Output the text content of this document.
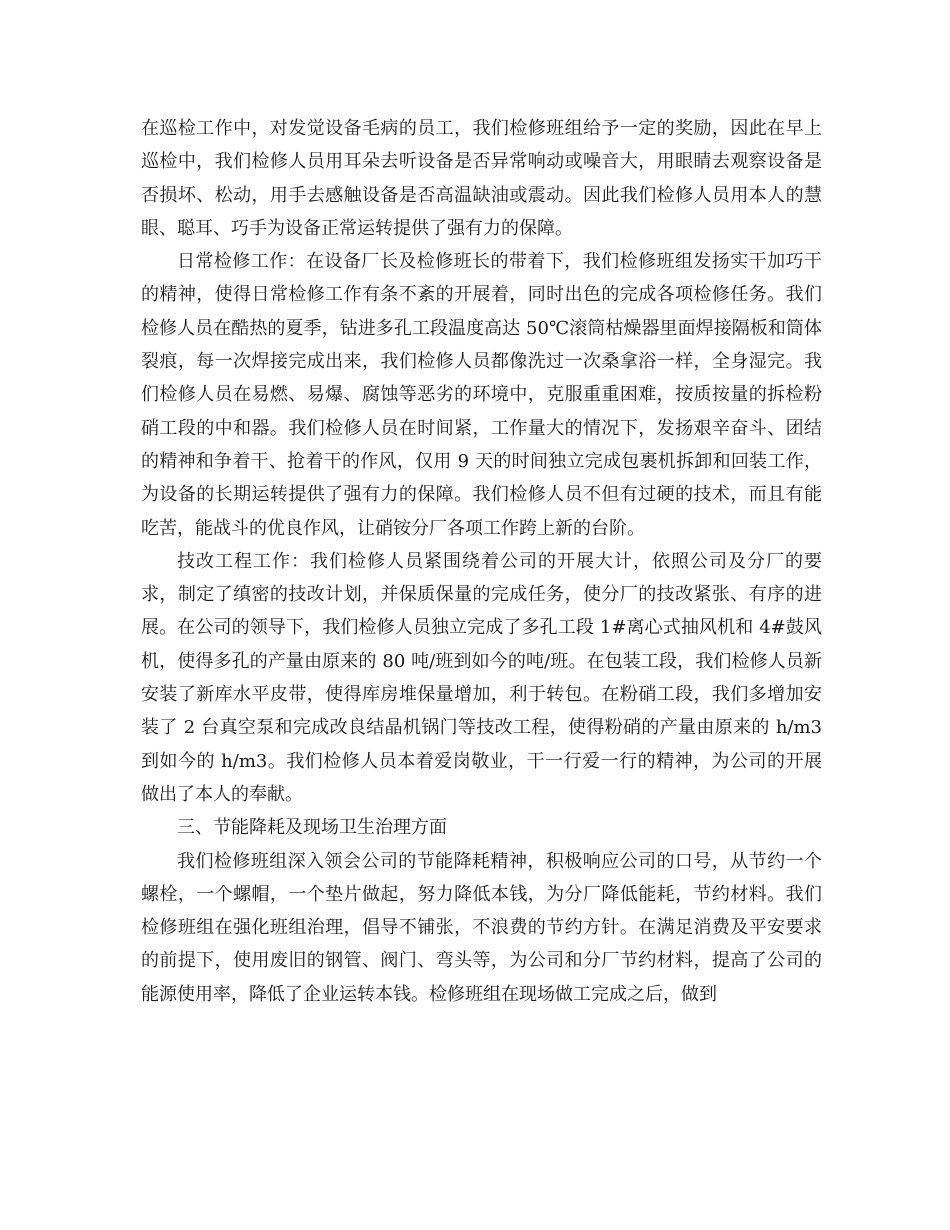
在巡检工作中，对发觉设备毛病的员工，我们检修班组给予一定的奖励，因此在早上巡检中，我们检修人员用耳朵去听设备是否异常响动或噪音大，用眼睛去观察设备是否损坏、松动，用手去感触设备是否高温缺油或震动。因此我们检修人员用本人的慧眼、聪耳、巧手为设备正常运转提供了强有力的保障。

日常检修工作：在设备厂长及检修班长的带着下，我们检修班组发扬实干加巧干的精神，使得日常检修工作有条不紊的开展着，同时出色的完成各项检修任务。我们检修人员在酷热的夏季，钻进多孔工段温度高达 50℃滚筒枯燥器里面焊接隔板和筒体裂痕，每一次焊接完成出来，我们检修人员都像洗过一次桑拿浴一样，全身湿完。我们检修人员在易燃、易爆、腐蚀等恶劣的环境中，克服重重困难，按质按量的拆检粉硝工段的中和器。我们检修人员在时间紧，工作量大的情况下，发扬艰辛奋斗、团结的精神和争着干、抢着干的作风，仅用 9 天的时间独立完成包裹机拆卸和回装工作，为设备的长期运转提供了强有力的保障。我们检修人员不但有过硬的技术，而且有能吃苦，能战斗的优良作风，让硝铵分厂各项工作跨上新的台阶。

技改工程工作：我们检修人员紧围绕着公司的开展大计，依照公司及分厂的要求，制定了缜密的技改计划，并保质保量的完成任务，使分厂的技改紧张、有序的进展。在公司的领导下，我们检修人员独立完成了多孔工段 1#离心式抽风机和 4#鼓风机，使得多孔的产量由原来的 80 吨/班到如今的吨/班。在包装工段，我们检修人员新安装了新库水平皮带，使得库房堆保量增加，利于转包。在粉硝工段，我们多增加安装了 2 台真空泵和完成改良结晶机锅门等技改工程，使得粉硝的产量由原来的 h/m3 到如今的 h/m3。我们检修人员本着爱岗敬业，干一行爱一行的精神，为公司的开展做出了本人的奉献。

三、节能降耗及现场卫生治理方面

我们检修班组深入领会公司的节能降耗精神，积极响应公司的口号，从节约一个螺栓，一个螺帽，一个垫片做起，努力降低本钱，为分厂降低能耗，节约材料。我们检修班组在强化班组治理，倡导不铺张，不浪费的节约方针。在满足消费及平安要求的前提下，使用废旧的钢管、阀门、弯头等，为公司和分厂节约材料，提高了公司的能源使用率，降低了企业运转本钱。检修班组在现场做工完成之后，做到
